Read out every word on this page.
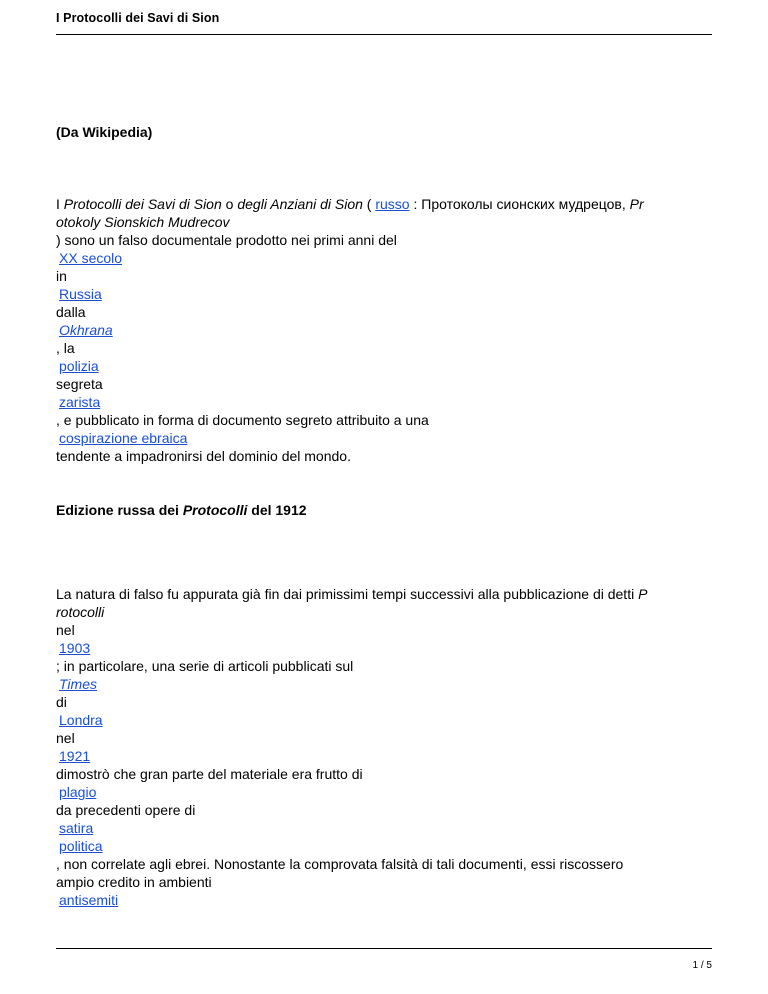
I Protocolli dei Savi di Sion
(Da Wikipedia)
I Protocolli dei Savi di Sion o degli Anziani di Sion ( russo : Протоколы сионских мудрецов, Pr
otokoly Sionskich Mudrecov
) sono un falso documentale prodotto nei primi anni del
XX secolo
in
Russia
dalla
Okhrana
, la
polizia
segreta
zarista
, e pubblicato in forma di documento segreto attribuito a una
cospirazione ebraica
tendente a impadronirsi del dominio del mondo.
Edizione russa dei Protocolli del 1912
La natura di falso fu appurata già fin dai primissimi tempi successivi alla pubblicazione di detti P
rotocolli
nel
1903
; in particolare, una serie di articoli pubblicati sul
Times
di
Londra
nel
1921
dimostrò che gran parte del materiale era frutto di
plagio
da precedenti opere di
satira
politica
, non correlate agli ebrei. Nonostante la comprovata falsità di tali documenti, essi riscossero
ampio credito in ambienti
antisemiti
1 / 5
